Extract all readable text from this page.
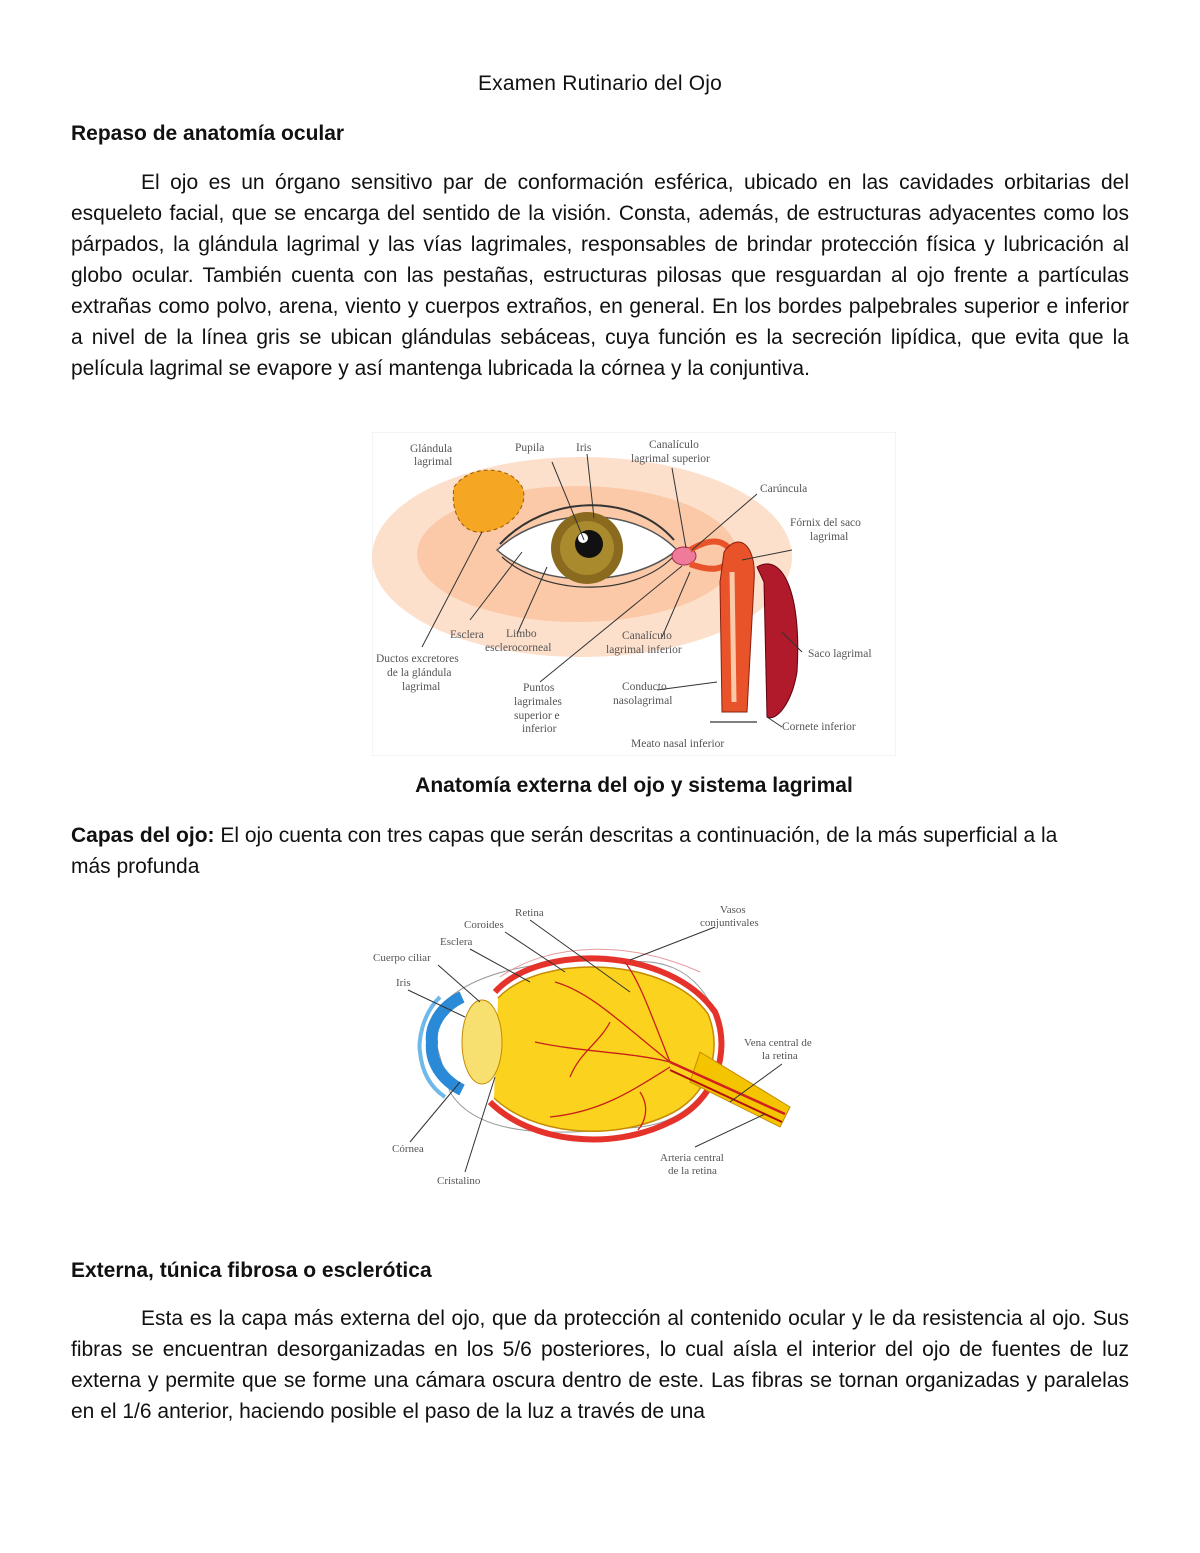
Examen Rutinario del Ojo
Repaso de anatomía ocular

El ojo es un órgano sensitivo par de conformación esférica, ubicado en las cavidades orbitarias del esqueleto facial, que se encarga del sentido de la visión. Consta, además, de estructuras adyacentes como los párpados, la glándula lagrimal y las vías lagrimales, responsables de brindar protección física y lubricación al globo ocular. También cuenta con las pestañas, estructuras pilosas que resguardan al ojo frente a partículas extrañas como polvo, arena, viento y cuerpos extraños, en general. En los bordes palpebrales superior e inferior a nivel de la línea gris se ubican glándulas sebáceas, cuya función es la secreción lipídica, que evita que la película lagrimal se evapore y así mantenga lubricada la córnea y la conjuntiva.

Glándula
lagrimal
Pupila	Iris	Canalículo
lagrimal superior
Carúncula
Fórnix del saco
lagrimal
Esclera Limbo
esclerocorneal
Canalículo
lagrimal inferior	Saco lagrimal
Ductos excretores
de la glándula
lagrimal	Puntos
lagrimales
superior e
inferior
Conducto
nasolagrimal
Cornete inferior
Meato nasal inferior
Anatomía externa del ojo y sistema lagrimal

Capas del ojo: El ojo cuenta con tres capas que serán descritas a continuación, de la más superficial a la más profunda

Retina
Coroides
Esclera
Cuerpo ciliar
Iris
Vasos
conjuntivales
Vena central de
la retina
Córnea
Cristalino
Arteria central
de la retina
Externa, túnica fibrosa o esclerótica

Esta es la capa más externa del ojo, que da protección al contenido ocular y le da resistencia al ojo. Sus fibras se encuentran desorganizadas en los 5/6 posteriores, lo cual aísla el interior del ojo de fuentes de luz externa y permite que se forme una cámara oscura dentro de este. Las fibras se tornan organizadas y paralelas en el 1/6 anterior, haciendo posible el paso de la luz a través de una
